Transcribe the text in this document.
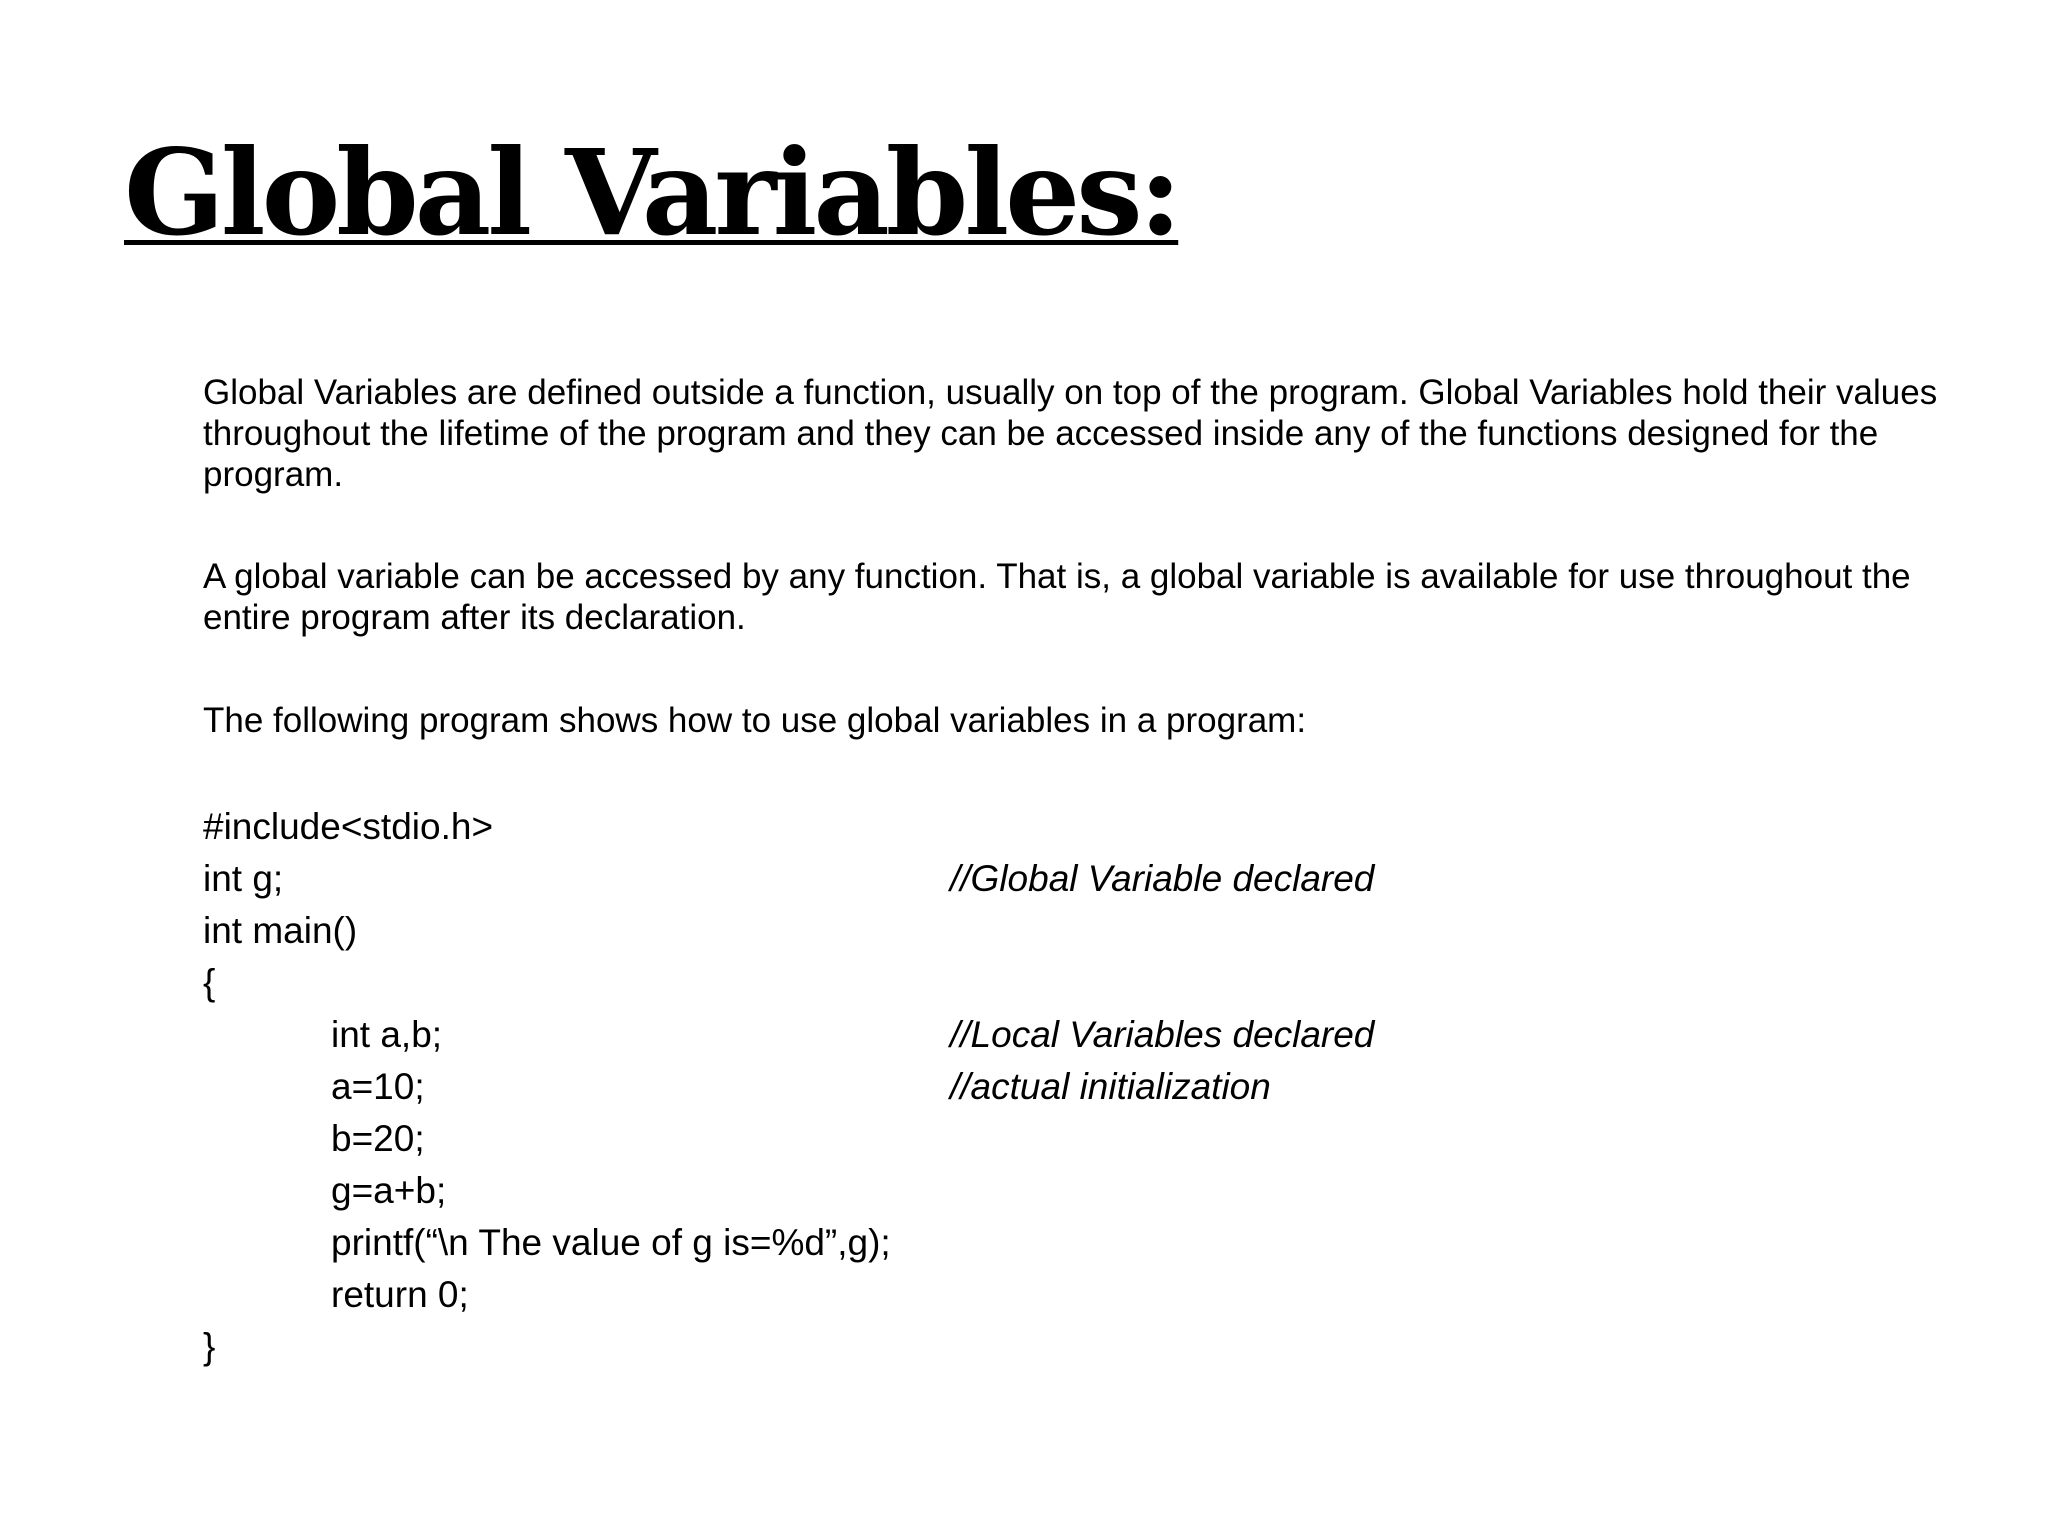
Global Variables:

Global Variables are defined outside a function, usually on top of the program. Global Variables hold their values throughout the lifetime of the program and they can be accessed inside any of the functions designed for the program.

A global variable can be accessed by any function. That is, a global variable is available for use throughout the entire program after its declaration.

The following program shows how to use global variables in a program:

#include<stdio.h>

int g;

int main()

{

int a,b;

a=10;

b=20;

g=a+b;

printf(“\n The value of g is=%d”,g);

return 0;

}

//Global Variable declared

//Local Variables declared

//actual initialization
